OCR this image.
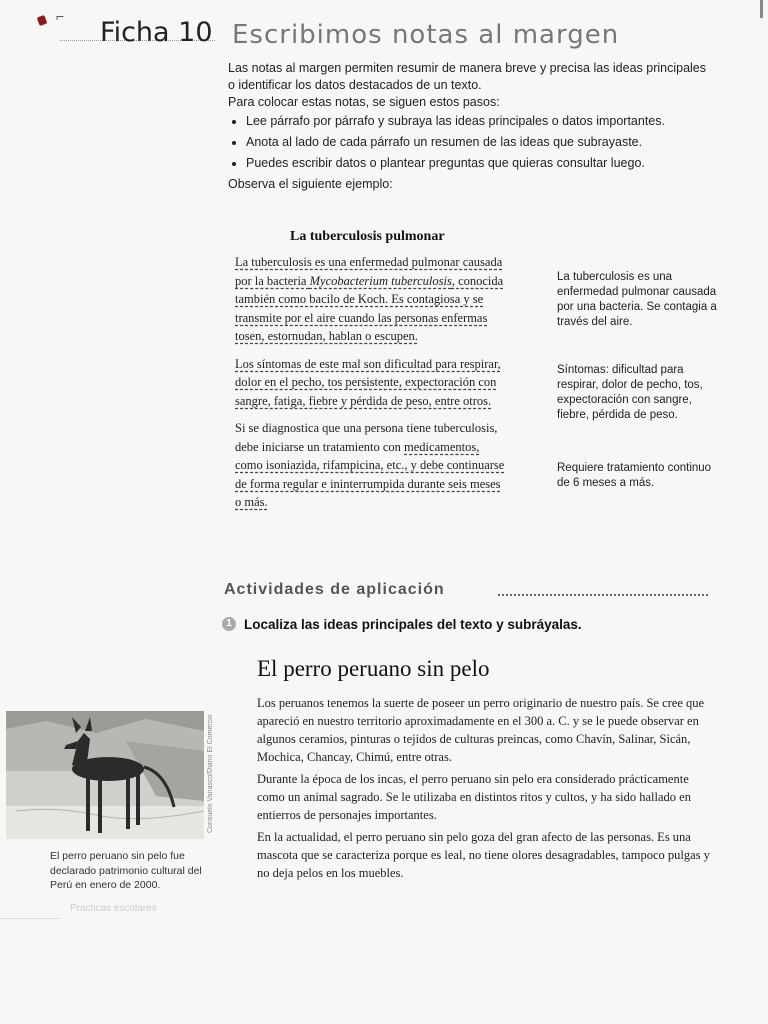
⌐
Ficha 10 Escribimos notas al margen

Las notas al margen permiten resumir de manera breve y precisa las ideas principales o identificar los datos destacados de un texto.

Para colocar estas notas, se siguen estos pasos:

• Lee párrafo por párrafo y subraya las ideas principales o datos importantes.
• Anota al lado de cada párrafo un resumen de las ideas que subrayaste.
• Puedes escribir datos o plantear preguntas que quieras consultar luego.

Observa el siguiente ejemplo:

La tuberculosis pulmonar

La tuberculosis es una enfermedad pulmonar causada por la bacteria Mycobacterium tuberculosis, conocida también como bacilo de Koch. Es contagiosa y se transmite por el aire cuando las personas enfermas tosen, estornudan, hablan o escupen.

Los síntomas de este mal son dificultad para respirar, dolor en el pecho, tos persistente, expectoración con sangre, fatiga, fiebre y pérdida de peso, entre otros.

Si se diagnostica que una persona tiene tuberculosis, debe iniciarse un tratamiento con medicamentos, como isoniazida, rifampicina, etc., y debe continuarse de forma regular e ininterrumpida durante seis meses o más.

La tuberculosis es una enfermedad pulmonar causada por una bacteria. Se contagia a través del aire.

Síntomas: dificultad para respirar, dolor de pecho, tos, expectoración con sangre, fiebre, pérdida de peso.

Requiere tratamiento continuo de 6 meses a más.

Actividades de aplicación
1 Localiza las ideas principales del texto y subráyalas.
El perro peruano sin pelo

Los peruanos tenemos la suerte de poseer un perro originario de nuestro país. Se cree que apareció en nuestro territorio aproximadamente en el 300 a. C. y se le puede observar en algunos ceramios, pinturas o tejidos de culturas preincas, como Chavín, Salinar, Sicán, Mochica, Chancay, Chimú, entre otras.

Durante la época de los incas, el perro peruano sin pelo era considerado prácticamente como un animal sagrado. Se le utilizaba en distintos ritos y cultos, y ha sido hallado en entierros de personajes importantes.

En la actualidad, el perro peruano sin pelo goza del gran afecto de las personas. Es una mascota que se caracteriza porque es leal, no tiene olores desagradables, tampoco pulgas y no deja pelos en los muebles.

Consuelo Vanasco/Diario El Comercio
El perro peruano sin pelo fue declarado patrimonio cultural del Perú en enero de 2000.
Practicas escolares
